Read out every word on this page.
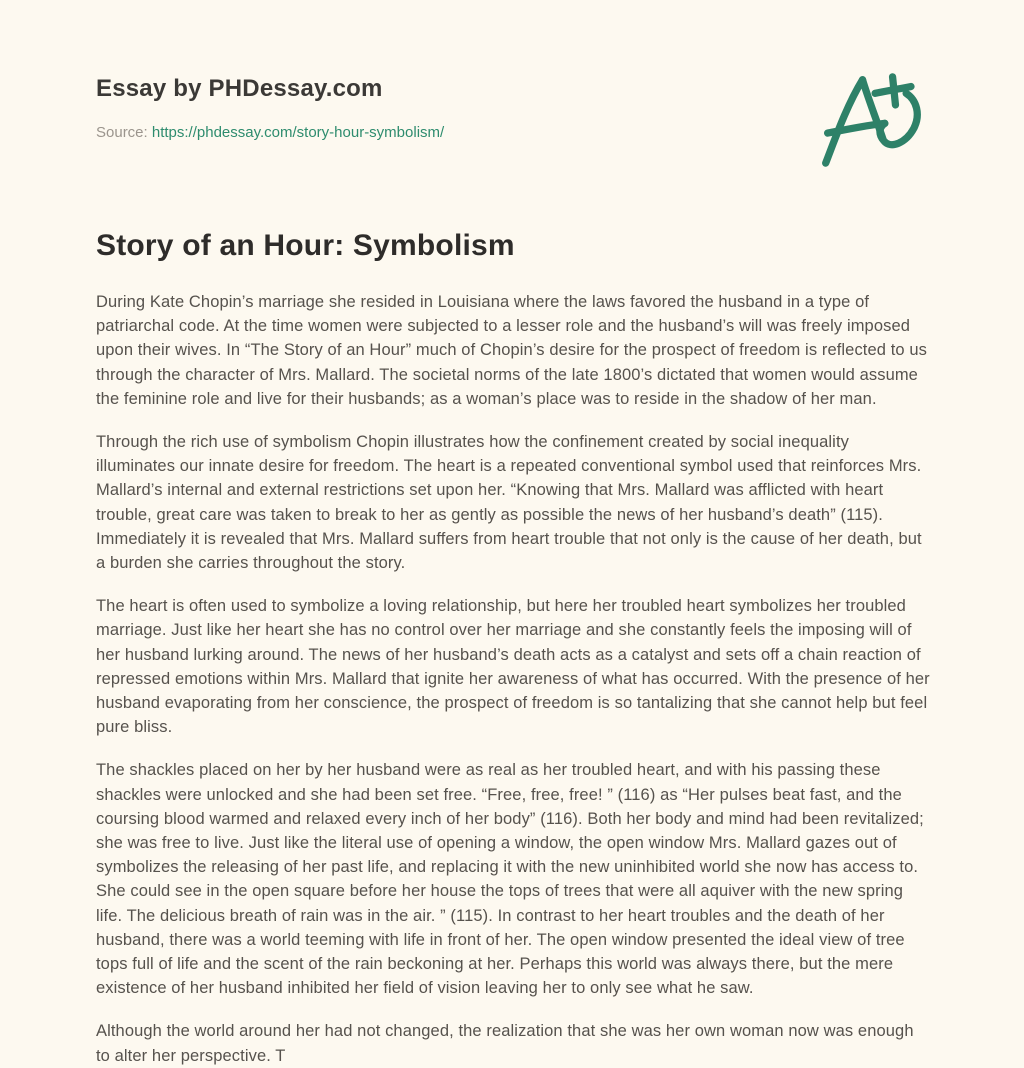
Essay by PHDessay.com
Source: https://phdessay.com/story-hour-symbolism/
Story of an Hour: Symbolism

During Kate Chopin’s marriage she resided in Louisiana where the laws favored the husband in a type of patriarchal code. At the time women were subjected to a lesser role and the husband’s will was freely imposed upon their wives. In “The Story of an Hour” much of Chopin’s desire for the prospect of freedom is reflected to us through the character of Mrs. Mallard. The societal norms of the late 1800’s dictated that women would assume the feminine role and live for their husbands; as a woman’s place was to reside in the shadow of her man.

Through the rich use of symbolism Chopin illustrates how the confinement created by social inequality illuminates our innate desire for freedom. The heart is a repeated conventional symbol used that reinforces Mrs. Mallard’s internal and external restrictions set upon her. “Knowing that Mrs. Mallard was afflicted with heart trouble, great care was taken to break to her as gently as possible the news of her husband’s death” (115). Immediately it is revealed that Mrs. Mallard suffers from heart trouble that not only is the cause of her death, but a burden she carries throughout the story.

The heart is often used to symbolize a loving relationship, but here her troubled heart symbolizes her troubled marriage. Just like her heart she has no control over her marriage and she constantly feels the imposing will of her husband lurking around. The news of her husband’s death acts as a catalyst and sets off a chain reaction of repressed emotions within Mrs. Mallard that ignite her awareness of what has occurred. With the presence of her husband evaporating from her conscience, the prospect of freedom is so tantalizing that she cannot help but feel pure bliss.

The shackles placed on her by her husband were as real as her troubled heart, and with his passing these shackles were unlocked and she had been set free. “Free, free, free! ” (116) as “Her pulses beat fast, and the coursing blood warmed and relaxed every inch of her body” (116). Both her body and mind had been revitalized; she was free to live. Just like the literal use of opening a window, the open window Mrs. Mallard gazes out of symbolizes the releasing of her past life, and replacing it with the new uninhibited world she now has access to. She could see in the open square before her house the tops of trees that were all aquiver with the new spring life. The delicious breath of rain was in the air. ” (115). In contrast to her heart troubles and the death of her husband, there was a world teeming with life in front of her. The open window presented the ideal view of tree tops full of life and the scent of the rain beckoning at her. Perhaps this world was always there, but the mere existence of her husband inhibited her field of vision leaving her to only see what he saw.

Although the world around her had not changed, the realization that she was her own woman now was enough to alter her perspective. T
